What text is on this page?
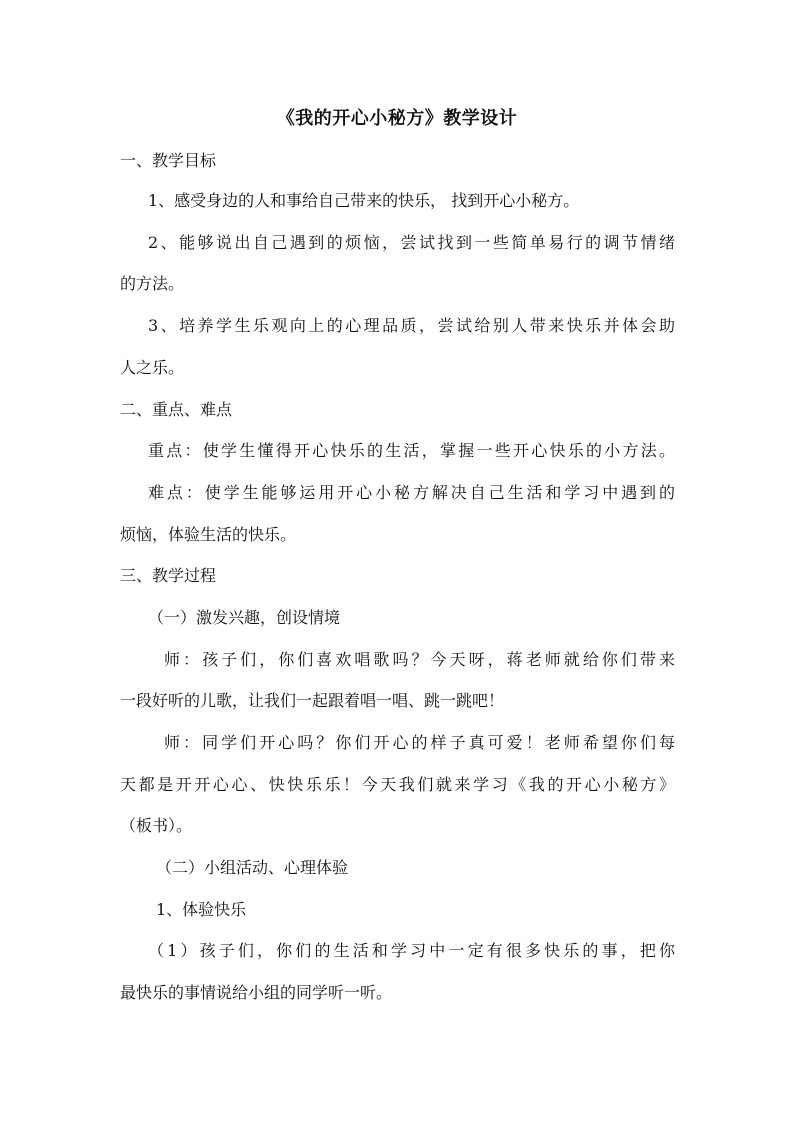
《我的开心小秘方》教学设计
一、教学目标
1、感受身边的人和事给自己带来的快乐， 找到开心小秘方。
2、能够说出自己遇到的烦恼，尝试找到一些简单易行的调节情绪
的方法。
3、培养学生乐观向上的心理品质，尝试给别人带来快乐并体会助
人之乐。
二、重点、难点
重点：使学生懂得开心快乐的生活，掌握一些开心快乐的小方法。
难点：使学生能够运用开心小秘方解决自己生活和学习中遇到的
烦恼，体验生活的快乐。
三、教学过程
（一）激发兴趣，创设情境
师：孩子们，你们喜欢唱歌吗？今天呀，蒋老师就给你们带来
一段好听的儿歌，让我们一起跟着唱一唱、跳一跳吧！
师：同学们开心吗？你们开心的样子真可爱！老师希望你们每
天都是开开心心、快快乐乐！今天我们就来学习《我的开心小秘方》
（板书）。
（二）小组活动、心理体验
1、体验快乐
（1）孩子们，你们的生活和学习中一定有很多快乐的事，把你
最快乐的事情说给小组的同学听一听。
